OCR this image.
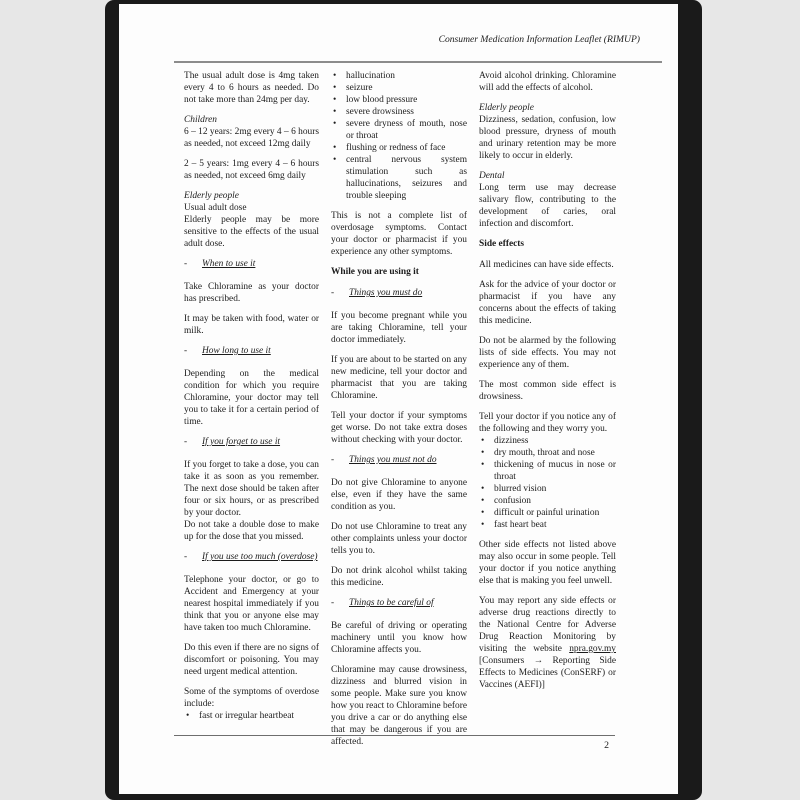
Consumer Medication Information Leaflet (RIMUP)
The usual adult dose is 4mg taken every 4 to 6 hours as needed. Do not take more than 24mg per day.
Children
6 – 12 years: 2mg every 4 – 6 hours as needed, not exceed 12mg daily
2 – 5 years: 1mg every 4 – 6 hours as needed, not exceed 6mg daily
Elderly people
Usual adult dose
Elderly people may be more sensitive to the effects of the usual adult dose.
-	When to use it
Take Chloramine as your doctor has prescribed.
It may be taken with food, water or milk.
-	How long to use it
Depending on the medical condition for which you require Chloramine, your doctor may tell you to take it for a certain period of time.
-	If you forget to use it
If you forget to take a dose, you can take it as soon as you remember. The next dose should be taken after four or six hours, or as prescribed by your doctor.
Do not take a double dose to make up for the dose that you missed.
-	If you use too much (overdose)
Telephone your doctor, or go to Accident and Emergency at your nearest hospital immediately if you think that you or anyone else may have taken too much Chloramine.
Do this even if there are no signs of discomfort or poisoning. You may need urgent medical attention.
Some of the symptoms of overdose include:
• fast or irregular heartbeat
• hallucination
• seizure
• low blood pressure
• severe drowsiness
• severe dryness of mouth, nose or throat
• flushing or redness of face
• central nervous system stimulation such as hallucinations, seizures and trouble sleeping
This is not a complete list of overdosage symptoms. Contact your doctor or pharmacist if you experience any other symptoms.
While you are using it
-	Things you must do
If you become pregnant while you are taking Chloramine, tell your doctor immediately.
If you are about to be started on any new medicine, tell your doctor and pharmacist that you are taking Chloramine.
Tell your doctor if your symptoms get worse. Do not take extra doses without checking with your doctor.
-	Things you must not do
Do not give Chloramine to anyone else, even if they have the same condition as you.
Do not use Chloramine to treat any other complaints unless your doctor tells you to.
Do not drink alcohol whilst taking this medicine.
-	Things to be careful of
Be careful of driving or operating machinery until you know how Chloramine affects you.
Chloramine may cause drowsiness, dizziness and blurred vision in some people. Make sure you know how you react to Chloramine before you drive a car or do anything else that may be dangerous if you are affected.
Avoid alcohol drinking. Chloramine will add the effects of alcohol.
Elderly people
Dizziness, sedation, confusion, low blood pressure, dryness of mouth and urinary retention may be more likely to occur in elderly.
Dental
Long term use may decrease salivary flow, contributing to the development of caries, oral infection and discomfort.
Side effects
All medicines can have side effects.
Ask for the advice of your doctor or pharmacist if you have any concerns about the effects of taking this medicine.
Do not be alarmed by the following lists of side effects. You may not experience any of them.
The most common side effect is drowsiness.
Tell your doctor if you notice any of the following and they worry you.
• dizziness
• dry mouth, throat and nose
• thickening of mucus in nose or throat
• blurred vision
• confusion
• difficult or painful urination
• fast heart beat
Other side effects not listed above may also occur in some people. Tell your doctor if you notice anything else that is making you feel unwell.
You may report any side effects or adverse drug reactions directly to the National Centre for Adverse Drug Reaction Monitoring by visiting the website npra.gov.my [Consumers → Reporting Side Effects to Medicines (ConSERF) or Vaccines (AEFI)]
2
